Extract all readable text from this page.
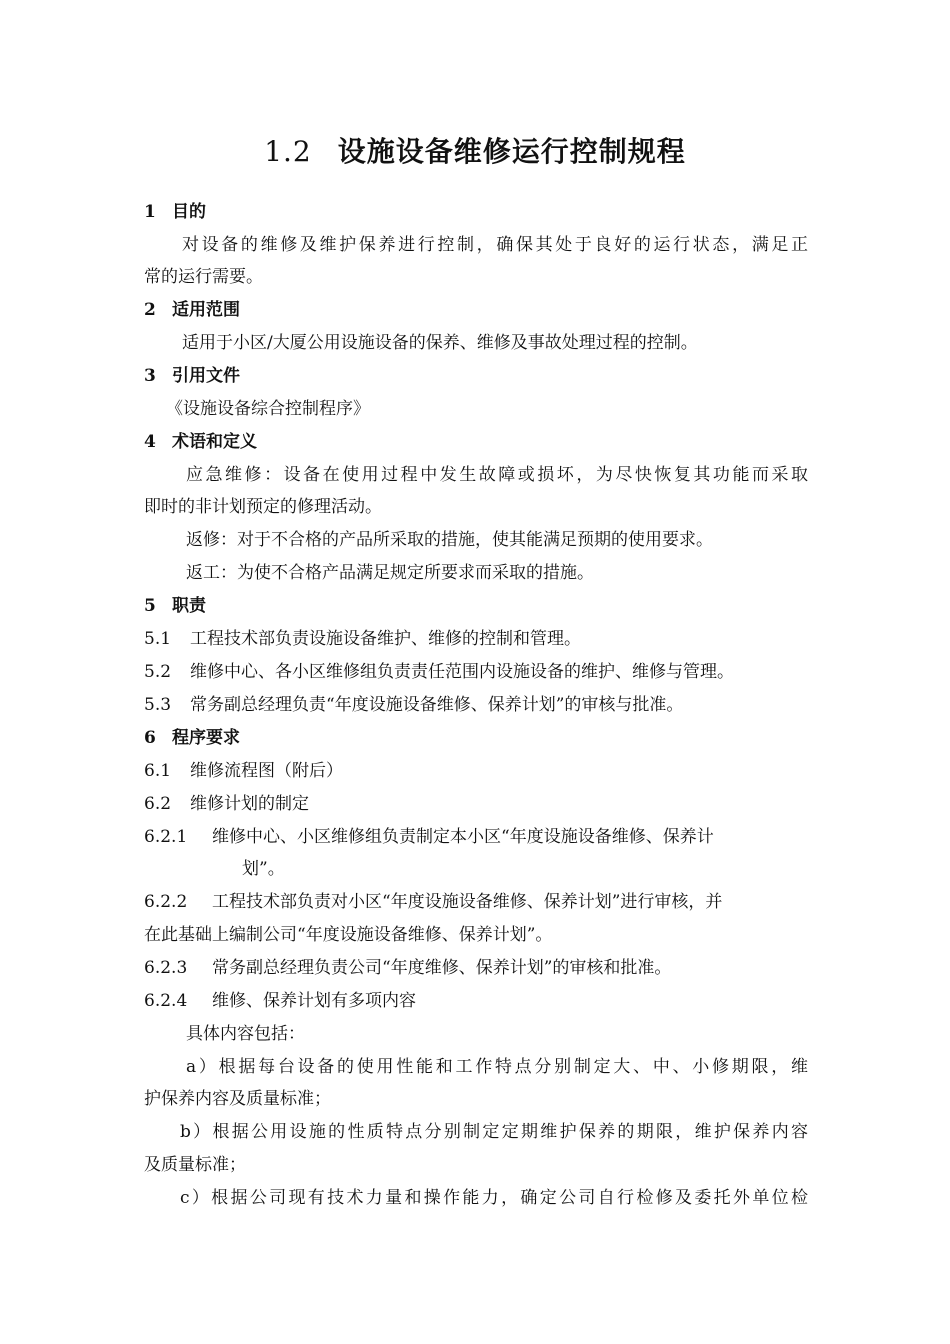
1.2 设施设备维修运行控制规程
1 目的
对设备的维修及维护保养进行控制，确保其处于良好的运行状态，满足正
常的运行需要。
2 适用范围
适用于小区/大厦公用设施设备的保养、维修及事故处理过程的控制。
3 引用文件
《设施设备综合控制程序》
4 术语和定义
应急维修：设备在使用过程中发生故障或损坏，为尽快恢复其功能而采取
即时的非计划预定的修理活动。
返修：对于不合格的产品所采取的措施，使其能满足预期的使用要求。
返工：为使不合格产品满足规定所要求而采取的措施。
5 职责
5.1 工程技术部负责设施设备维护、维修的控制和管理。
5.2 维修中心、各小区维修组负责责任范围内设施设备的维护、维修与管理。
5.3 常务副总经理负责“年度设施设备维修、保养计划”的审核与批准。
6 程序要求
6.1 维修流程图（附后）
6.2 维修计划的制定
6.2.1 维修中心、小区维修组负责制定本小区“年度设施设备维修、保养计
划”。
6.2.2 工程技术部负责对小区“年度设施设备维修、保养计划”进行审核，并
在此基础上编制公司“年度设施设备维修、保养计划”。
6.2.3 常务副总经理负责公司“年度维修、保养计划”的审核和批准。
6.2.4 维修、保养计划有多项内容
具体内容包括：
a）根据每台设备的使用性能和工作特点分别制定大、中、小修期限，维
护保养内容及质量标准；
b）根据公用设施的性质特点分别制定定期维护保养的期限，维护保养内容
及质量标准；
c）根据公司现有技术力量和操作能力，确定公司自行检修及委托外单位检
